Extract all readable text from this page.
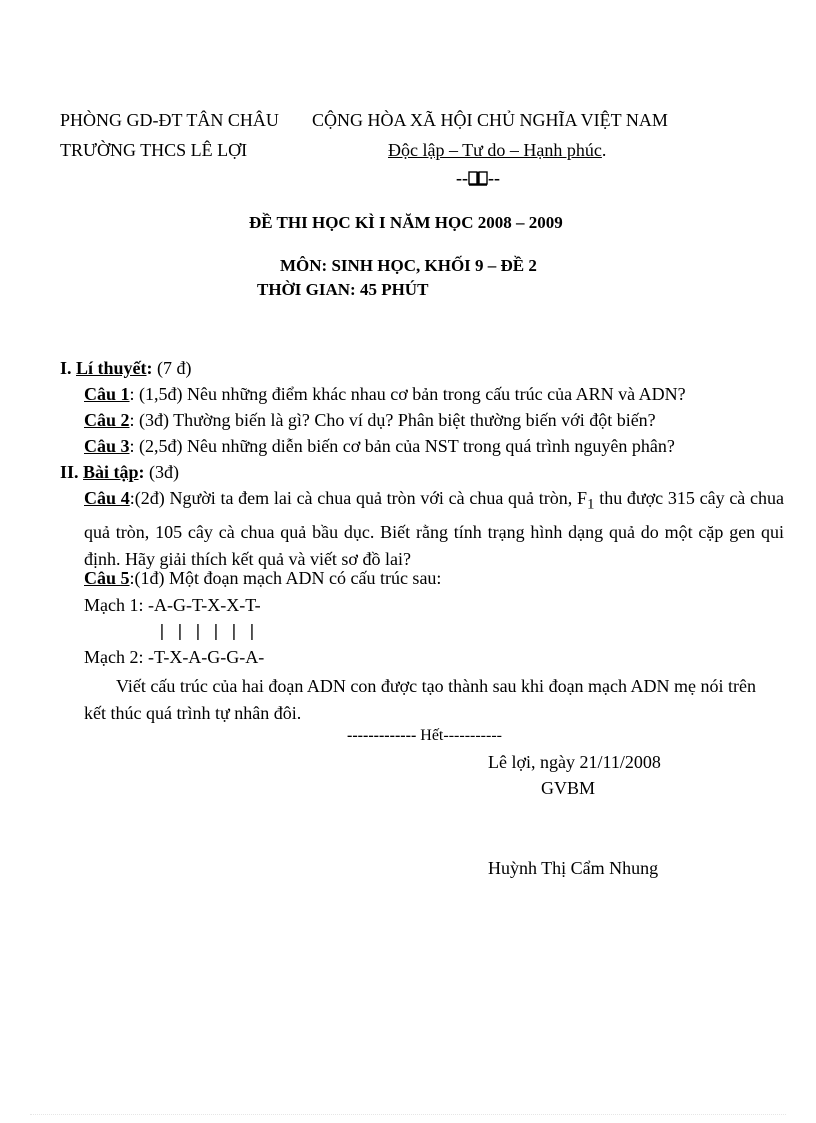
PHÒNG GD-ĐT TÂN CHÂU
TRƯỜNG THCS LÊ LỢI
CỘNG HÒA XÃ HỘI CHỦ NGHĨA VIỆT NAM
Độc lập – Tư do – Hạnh phúc.
-- --
ĐỀ THI HỌC KÌ I NĂM HỌC 2008 – 2009
MÔN: SINH HỌC, KHỐI 9 – ĐỀ 2
THỜI GIAN: 45 PHÚT
I. Lí thuyết: (7 đ)
Câu 1: (1,5đ) Nêu những điểm khác nhau cơ bản trong cấu trúc của ARN và ADN?
Câu 2: (3đ) Thường biến là gì? Cho ví dụ? Phân biệt thường biến với đột biến?
Câu 3: (2,5đ) Nêu những diễn biến cơ bản của NST trong quá trình nguyên phân?
II. Bài tập: (3đ)
Câu 4:(2đ) Người ta đem lai cà chua quả tròn với cà chua quả tròn, $F_1$ thu được 315 cây cà chua quả tròn, 105 cây cà chua quả bầu dục. Biết rằng tính trạng hình dạng quả do một cặp gen qui định. Hãy giải thích kết quả và viết sơ đồ lai?
Câu 5:(1đ) Một đoạn mạch ADN có cấu trúc sau:
Mạch 1: -A-G-T-X-X-T-
| | | | | |
Mạch 2: -T-X-A-G-G-A-
Viết cấu trúc của hai đoạn ADN con được tạo thành sau khi đoạn mạch ADN mẹ nói trên kết thúc quá trình tự nhân đôi.
------------- Hết-----------
Lê lợi, ngày 21/11/2008
GVBM
Huỳnh Thị Cẩm Nhung
